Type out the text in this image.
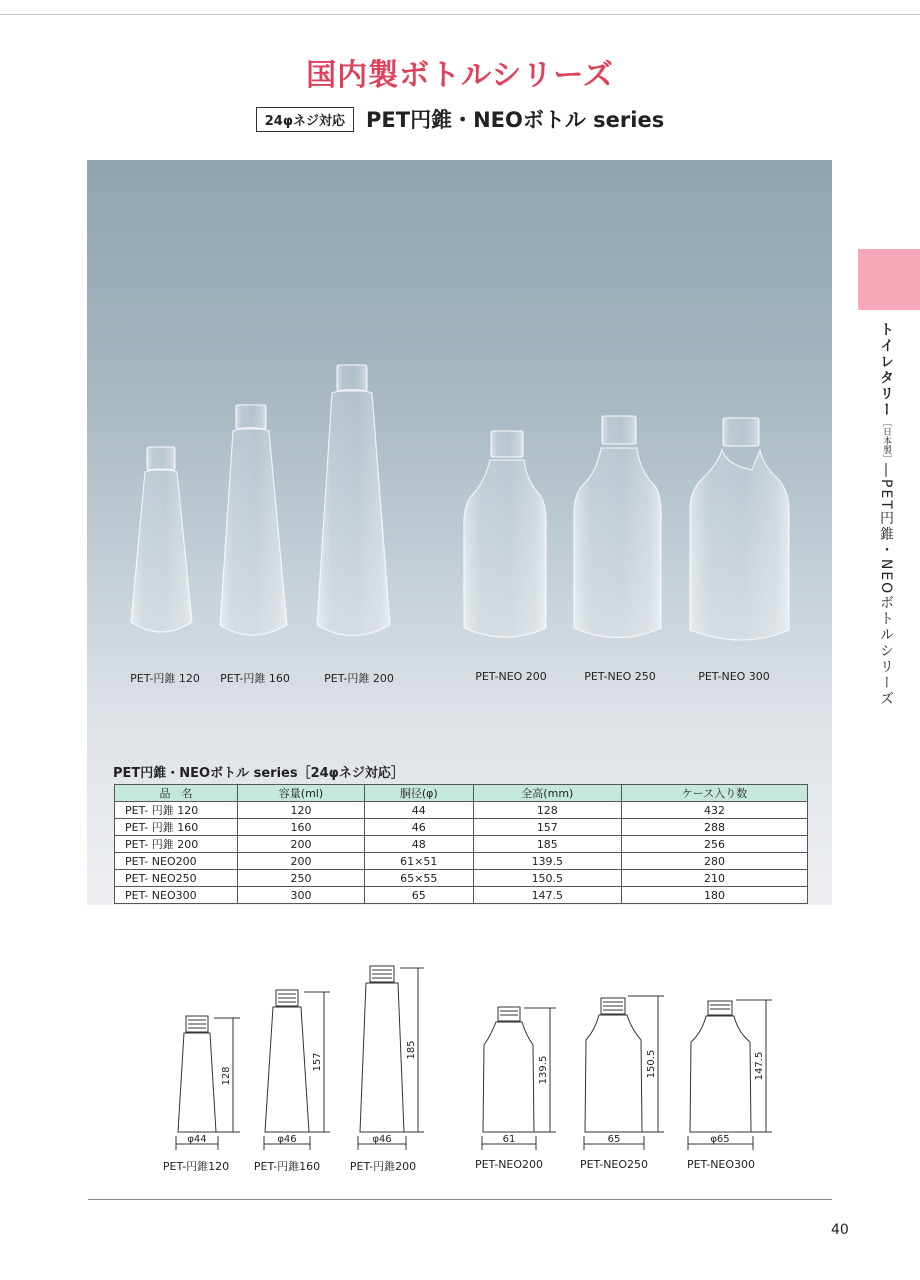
国内製ボトルシリーズ
24φネジ対応	PET円錐・NEOボトル series
トイレタリー［日本製］―PET円錐・NEOボトルシリーズ
PET-円錐 120 PET-円錐 160	PET-円錐 200	PET-NEO 200	PET-NEO 250	PET-NEO 300
PET円錐・NEOボトル series［24φネジ対応］
品　名	容量(ml)	胴径(φ)	全高(mm)	ケース入り数
PET- 円錐 120	120	44	128	432
PET- 円錐 160	160	46	157	288
PET- 円錐 200	200	48	185	256
PET- NEO200	200	61×51	139.5	280
PET- NEO250	250	65×55	150.5	210
PET- NEO300	300	65	147.5	180
128
φ44
157
φ46
185
φ46
139.5
61
150.5
65
147.5
φ65
PET-円錐120 PET-円錐160	PET-円錐200	PET-NEO200	PET-NEO250	PET-NEO300
40
